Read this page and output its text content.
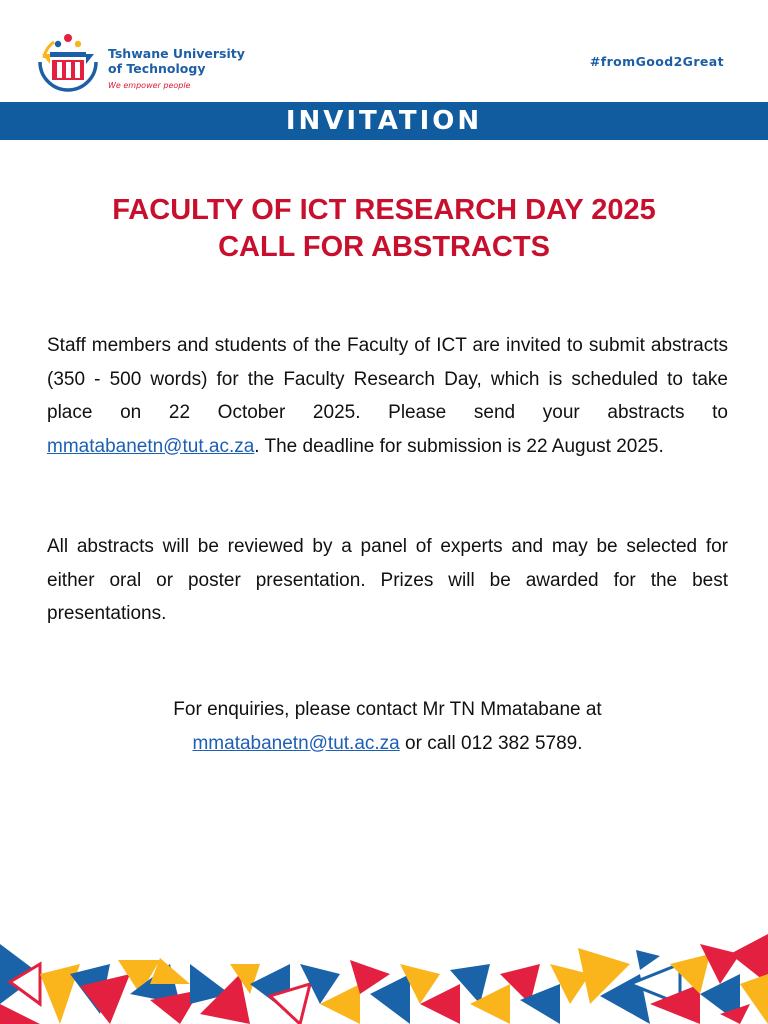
Tshwane University
of Technology
We empower people
#fromGood2Great
INVITATION
FACULTY OF ICT RESEARCH DAY 2025
CALL FOR ABSTRACTS
Staff members and students of the Faculty of ICT are invited to submit abstracts (350 - 500 words) for the Faculty Research Day, which is scheduled to take place on 22 October 2025. Please send your abstracts to mmatabanetn@tut.ac.za. The deadline for submission is 22 August 2025.
All abstracts will be reviewed by a panel of experts and may be selected for either oral or poster presentation. Prizes will be awarded for the best presentations.
For enquiries, please contact Mr TN Mmatabane at
mmatabanetn@tut.ac.za or call 012 382 5789.
